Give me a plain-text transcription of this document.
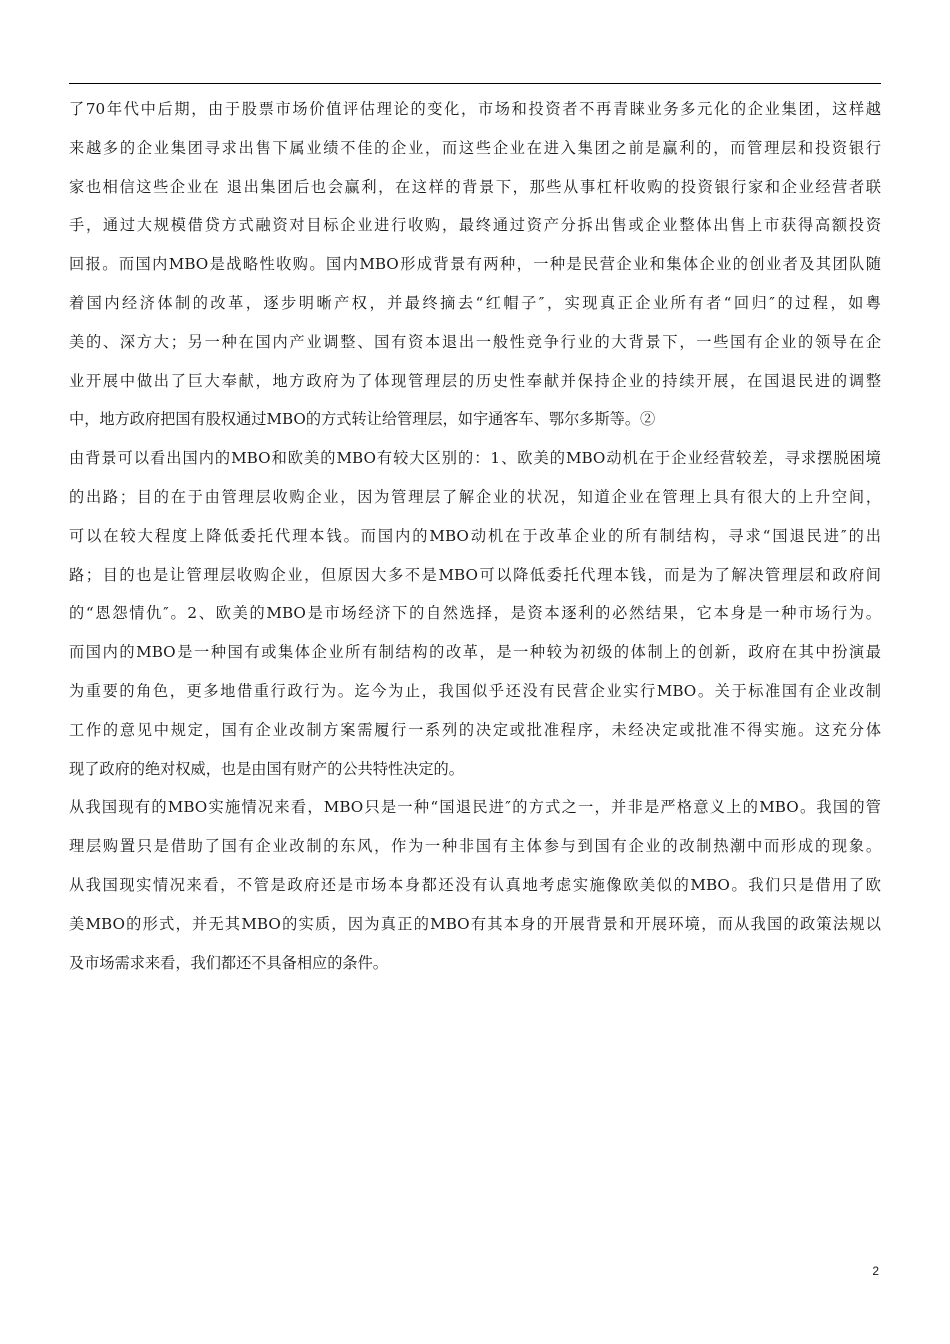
了70年代中后期，由于股票市场价值评估理论的变化，市场和投资者不再青睐业务多元化的企业集团，这样越
来越多的企业集团寻求出售下属业绩不佳的企业，而这些企业在进入集团之前是赢利的，而管理层和投资银行
家也相信这些企业在 退出集团后也会赢利，在这样的背景下，那些从事杠杆收购的投资银行家和企业经营者联
手，通过大规模借贷方式融资对目标企业进行收购，最终通过资产分拆出售或企业整体出售上市获得高额投资
回报。而国内MBO是战略性收购。国内MBO形成背景有两种，一种是民营企业和集体企业的创业者及其团队随
着国内经济体制的改革，逐步明晰产权，并最终摘去“红帽子″，实现真正企业所有者“回归″的过程，如粤
美的、深方大；另一种在国内产业调整、国有资本退出一般性竞争行业的大背景下，一些国有企业的领导在企
业开展中做出了巨大奉献，地方政府为了体现管理层的历史性奉献并保持企业的持续开展，在国退民进的调整
中，地方政府把国有股权通过MBO的方式转让给管理层，如宇通客车、鄂尔多斯等。②
由背景可以看出国内的MBO和欧美的MBO有较大区别的：1、欧美的MBO动机在于企业经营较差，寻求摆脱困境
的出路；目的在于由管理层收购企业，因为管理层了解企业的状况，知道企业在管理上具有很大的上升空间，
可以在较大程度上降低委托代理本钱。而国内的MBO动机在于改革企业的所有制结构，寻求“国退民进″的出
路；目的也是让管理层收购企业，但原因大多不是MBO可以降低委托代理本钱，而是为了解决管理层和政府间
的“恩怨情仇″。2、欧美的MBO是市场经济下的自然选择，是资本逐利的必然结果，它本身是一种市场行为。
而国内的MBO是一种国有或集体企业所有制结构的改革，是一种较为初级的体制上的创新，政府在其中扮演最
为重要的角色，更多地借重行政行为。迄今为止，我国似乎还没有民营企业实行MBO。关于标准国有企业改制
工作的意见中规定，国有企业改制方案需履行一系列的决定或批准程序，未经决定或批准不得实施。这充分体
现了政府的绝对权威，也是由国有财产的公共特性决定的。
从我国现有的MBO实施情况来看，MBO只是一种“国退民进″的方式之一，并非是严格意义上的MBO。我国的管
理层购置只是借助了国有企业改制的东风，作为一种非国有主体参与到国有企业的改制热潮中而形成的现象。
从我国现实情况来看，不管是政府还是市场本身都还没有认真地考虑实施像欧美似的MBO。我们只是借用了欧
美MBO的形式，并无其MBO的实质，因为真正的MBO有其本身的开展背景和开展环境，而从我国的政策法规以
及市场需求来看，我们都还不具备相应的条件。
2
